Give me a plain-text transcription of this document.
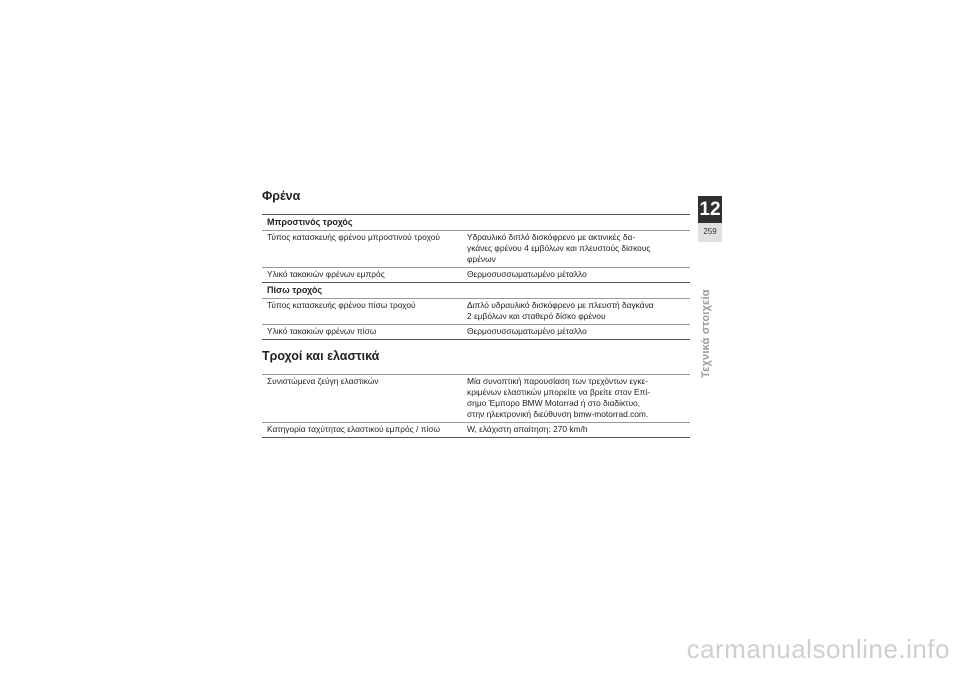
Φρένα
Μπροστινός τροχός
Τύπος κατασκευής φρένου μπροστινού τροχού	Υδραυλικό διπλό δισκόφρενο με ακτινικές δα-
γκάνες φρένου 4 εμβόλων και πλευστούς δίσκους
φρένων
Υλικό τακακιών φρένων εμπρός	Θερμοσυσσωματωμένο μέταλλο
Πίσω τροχός
Τύπος κατασκευής φρένου πίσω τροχού	Διπλό υδραυλικό δισκόφρενο με πλευστή δαγκάνα
2 εμβόλων και σταθερό δίσκο φρένου
Υλικό τακακιών φρένων πίσω	Θερμοσυσσωματωμένο μέταλλο
Τροχοί και ελαστικά
Συνιστώμενα ζεύγη ελαστικών	Μία συνοπτική παρουσίαση των τρεχόντων εγκε-
κριμένων ελαστικών μπορείτε να βρείτε στον Επί-
σημο Έμπορο BMW Motorrad ή στο διαδίκτυο,
στην ηλεκτρονική διεύθυνση bmw-motorrad.com.
Κατηγορία ταχύτητας ελαστικού εμπρός / πίσω	W, ελάχιστη απαίτηση: 270 km/h
12
259
Τεχνικά στοιχεία
carmanualsonline.info
